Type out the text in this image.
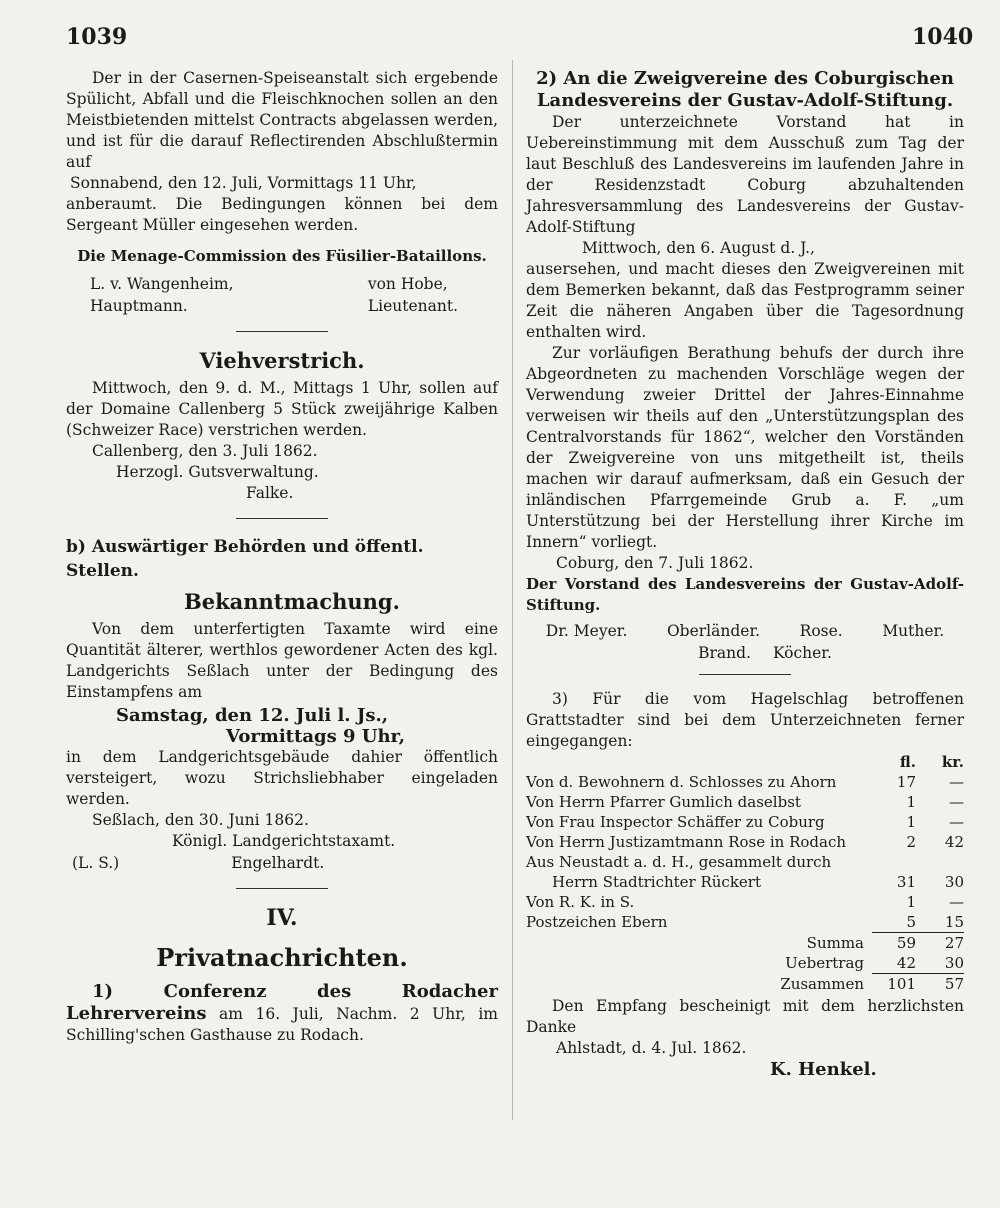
1039	1040

Der in der Casernen-Speiseanstalt sich ergebende Spülicht, Abfall und die Fleischknochen sollen an den Meistbietenden mittelst Contracts abgelassen werden, und ist für die darauf Reflectirenden Abschlußtermin auf

Sonnabend, den 12. Juli, Vormittags 11 Uhr,

anberaumt. Die Bedingungen können bei dem Sergeant Müller eingesehen werden.

Die Menage-Commission des Füsilier-Bataillons.

L. v. Wangenheim,
Hauptmann.
von Hobe,
Lieutenant.
Viehverstrich.

Mittwoch, den 9. d. M., Mittags 1 Uhr, sollen auf der Domaine Callenberg 5 Stück zweijährige Kalben (Schweizer Race) verstrichen werden.

Callenberg, den 3. Juli 1862.

Herzogl. Gutsverwaltung.

Falke.

b) Auswärtiger Behörden und öffentl. Stellen.

Bekanntmachung.

Von dem unterfertigten Taxamte wird eine Quantität älterer, werthlos gewordener Acten des kgl. Landgerichts Seßlach unter der Bedingung des Einstampfens am

Samstag, den 12. Juli l. Js.,

Vormittags 9 Uhr,

in dem Landgerichtsgebäude dahier öffentlich versteigert, wozu Strichsliebhaber eingeladen werden.

Seßlach, den 30. Juni 1862.

Königl. Landgerichtstaxamt.

(L. S.)	Engelhardt.
IV.
Privatnachrichten.

1) Conferenz des Rodacher Lehrervereins am 16. Juli, Nachm. 2 Uhr, im Schilling'schen Gasthause zu Rodach.

2) An die Zweigvereine des Coburgischen Landesvereins der Gustav-Adolf-Stiftung.

Der unterzeichnete Vorstand hat in Uebereinstimmung mit dem Ausschuß zum Tag der laut Beschluß des Landesvereins im laufenden Jahre in der Residenzstadt Coburg abzuhaltenden Jahresversammlung des Landesvereins der Gustav-Adolf-Stiftung

Mittwoch, den 6. August d. J.,

ausersehen, und macht dieses den Zweigvereinen mit dem Bemerken bekannt, daß das Festprogramm seiner Zeit die näheren Angaben über die Tagesordnung enthalten wird.

Zur vorläufigen Berathung behufs der durch ihre Abgeordneten zu machenden Vorschläge wegen der Verwendung zweier Drittel der Jahres-Einnahme verweisen wir theils auf den „Unterstützungsplan des Centralvorstands für 1862“, welcher den Vorständen der Zweigvereine von uns mitgetheilt ist, theils machen wir darauf aufmerksam, daß ein Gesuch der inländischen Pfarrgemeinde Grub a. F. „um Unterstützung bei der Herstellung ihrer Kirche im Innern“ vorliegt.

Coburg, den 7. Juli 1862.

Der Vorstand des Landesvereins der Gustav-Adolf-Stiftung.

Dr. Meyer.	Oberländer.	Rose.	Muther.
Brand. Köcher.

3) Für die vom Hagelschlag betroffenen Grattstadter sind bei dem Unterzeichneten ferner eingegangen:

	fl.	kr.
Von d. Bewohnern d. Schlosses zu Ahorn	17	—
Von Herrn Pfarrer Gumlich daselbst	1	—
Von Frau Inspector Schäffer zu Coburg	1	—
Von Herrn Justizamtmann Rose in Rodach	2	42
Aus Neustadt a. d. H., gesammelt durch		
Herrn Stadtrichter Rückert	31	30
Von R. K. in S.	1	—
Postzeichen Ebern	5	15
Summa	59	27
Uebertrag	42	30
Zusammen	101	57

Den Empfang bescheinigt mit dem herzlichsten Danke

Ahlstadt, d. 4. Jul. 1862.

K. Henkel.
